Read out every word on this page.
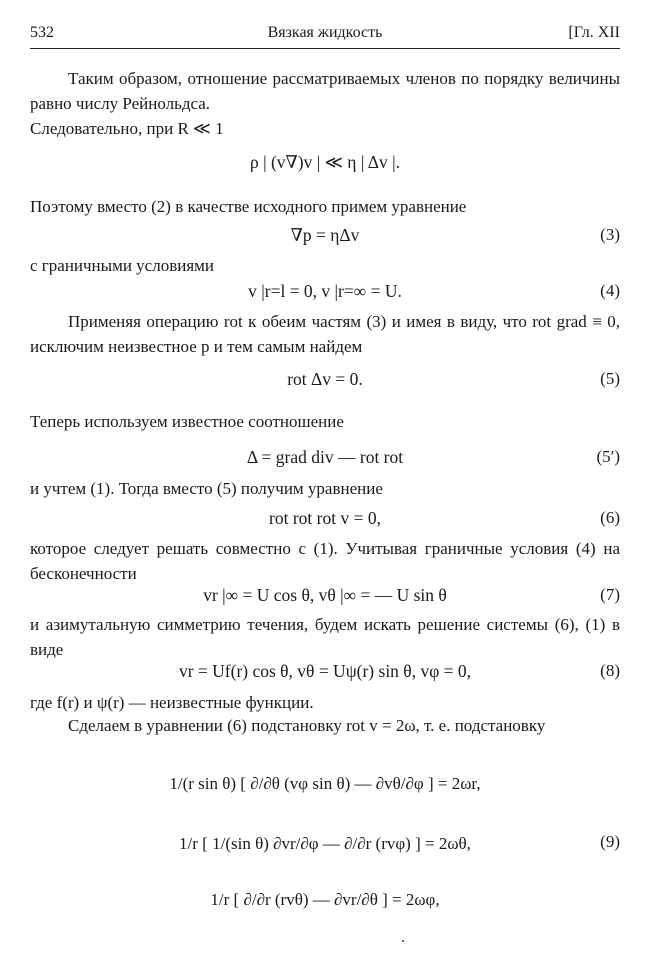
532	Вязкая жидкость	[Гл. XII
Таким образом, отношение рассматриваемых членов по порядку величины равно числу Рейнольдса.
Следовательно, при R ≪ 1
ρ | (v∇)v | ≪ η | Δv |.
Поэтому вместо (2) в качестве исходного примем уравнение
∇p = ηΔv	(3)
с граничными условиями
v |r=l = 0, v |r=∞ = U.	(4)
Применяя операцию rot к обеим частям (3) и имея в виду, что rot grad ≡ 0, исключим неизвестное p и тем самым найдем
rot Δv = 0.	(5)
Теперь используем известное соотношение
Δ = grad div — rot rot	(5′)
и учтем (1). Тогда вместо (5) получим уравнение
rot rot rot v = 0,	(6)
которое следует решать совместно с (1). Учитывая граничные условия (4) на бесконечности
vr |∞ = U cos θ, vθ |∞ = — U sin θ	(7)
и азимутальную симметрию течения, будем искать решение системы (6), (1) в виде
vr = Uf(r) cos θ, vθ = Uψ(r) sin θ, vφ = 0,	(8)
где f(r) и ψ(r) — неизвестные функции.
Сделаем в уравнении (6) подстановку rot v = 2ω, т. е. подстановку
1/(r sin θ) [ ∂/∂θ (vφ sin θ) — ∂vθ/∂φ ] = 2ωr,
1/r [ 1/(sin θ) ∂vr/∂φ — ∂/∂r (rvφ) ] = 2ωθ,	(9)
1/r [ ∂/∂r (rvθ) — ∂vr/∂θ ] = 2ωφ,
